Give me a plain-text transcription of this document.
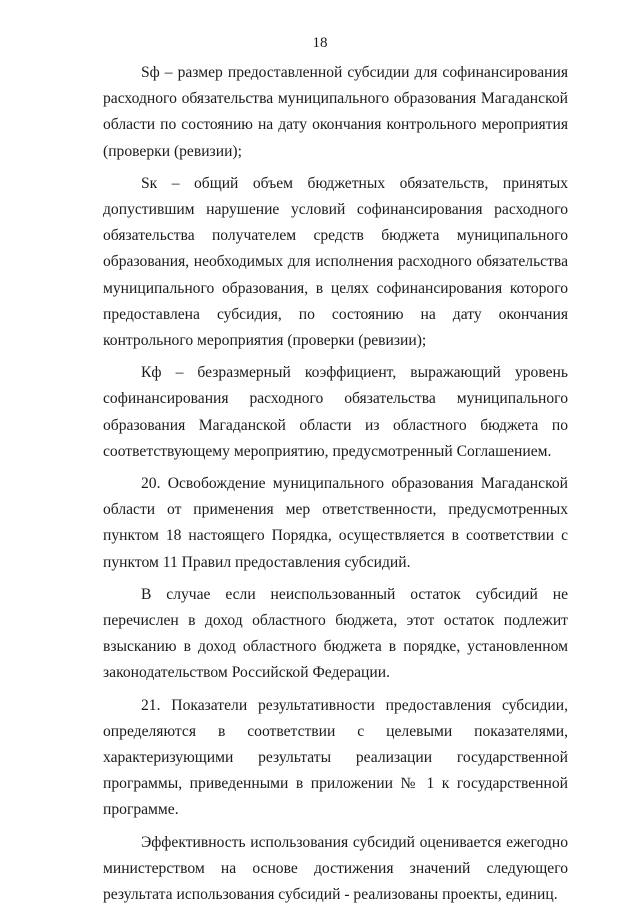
18

Sф – размер предоставленной субсидии для софинансирования расходного обязательства муниципального образования Магаданской области по состоянию на дату окончания контрольного мероприятия (проверки (ревизии);

Sк – общий объем бюджетных обязательств, принятых допустившим нарушение условий софинансирования расходного обязательства получателем средств бюджета муниципального образования, необходимых для исполнения расходного обязательства муниципального образования, в целях софинансирования которого предоставлена субсидия, по состоянию на дату окончания контрольного мероприятия (проверки (ревизии);

Кф – безразмерный коэффициент, выражающий уровень софинансирования расходного обязательства муниципального образования Магаданской области из областного бюджета по соответствующему мероприятию, предусмотренный Соглашением.

20. Освобождение муниципального образования Магаданской области от применения мер ответственности, предусмотренных пунктом 18 настоящего Порядка, осуществляется в соответствии с пунктом 11 Правил предоставления субсидий.

В случае если неиспользованный остаток субсидий не перечислен в доход областного бюджета, этот остаток подлежит взысканию в доход областного бюджета в порядке, установленном законодательством Российской Федерации.

21. Показатели результативности предоставления субсидии, определяются в соответствии с целевыми показателями, характеризующими результаты реализации государственной программы, приведенными в приложении № 1 к государственной программе.

Эффективность использования субсидий оценивается ежегодно министерством на основе достижения значений следующего результата использования субсидий - реализованы проекты, единиц.
